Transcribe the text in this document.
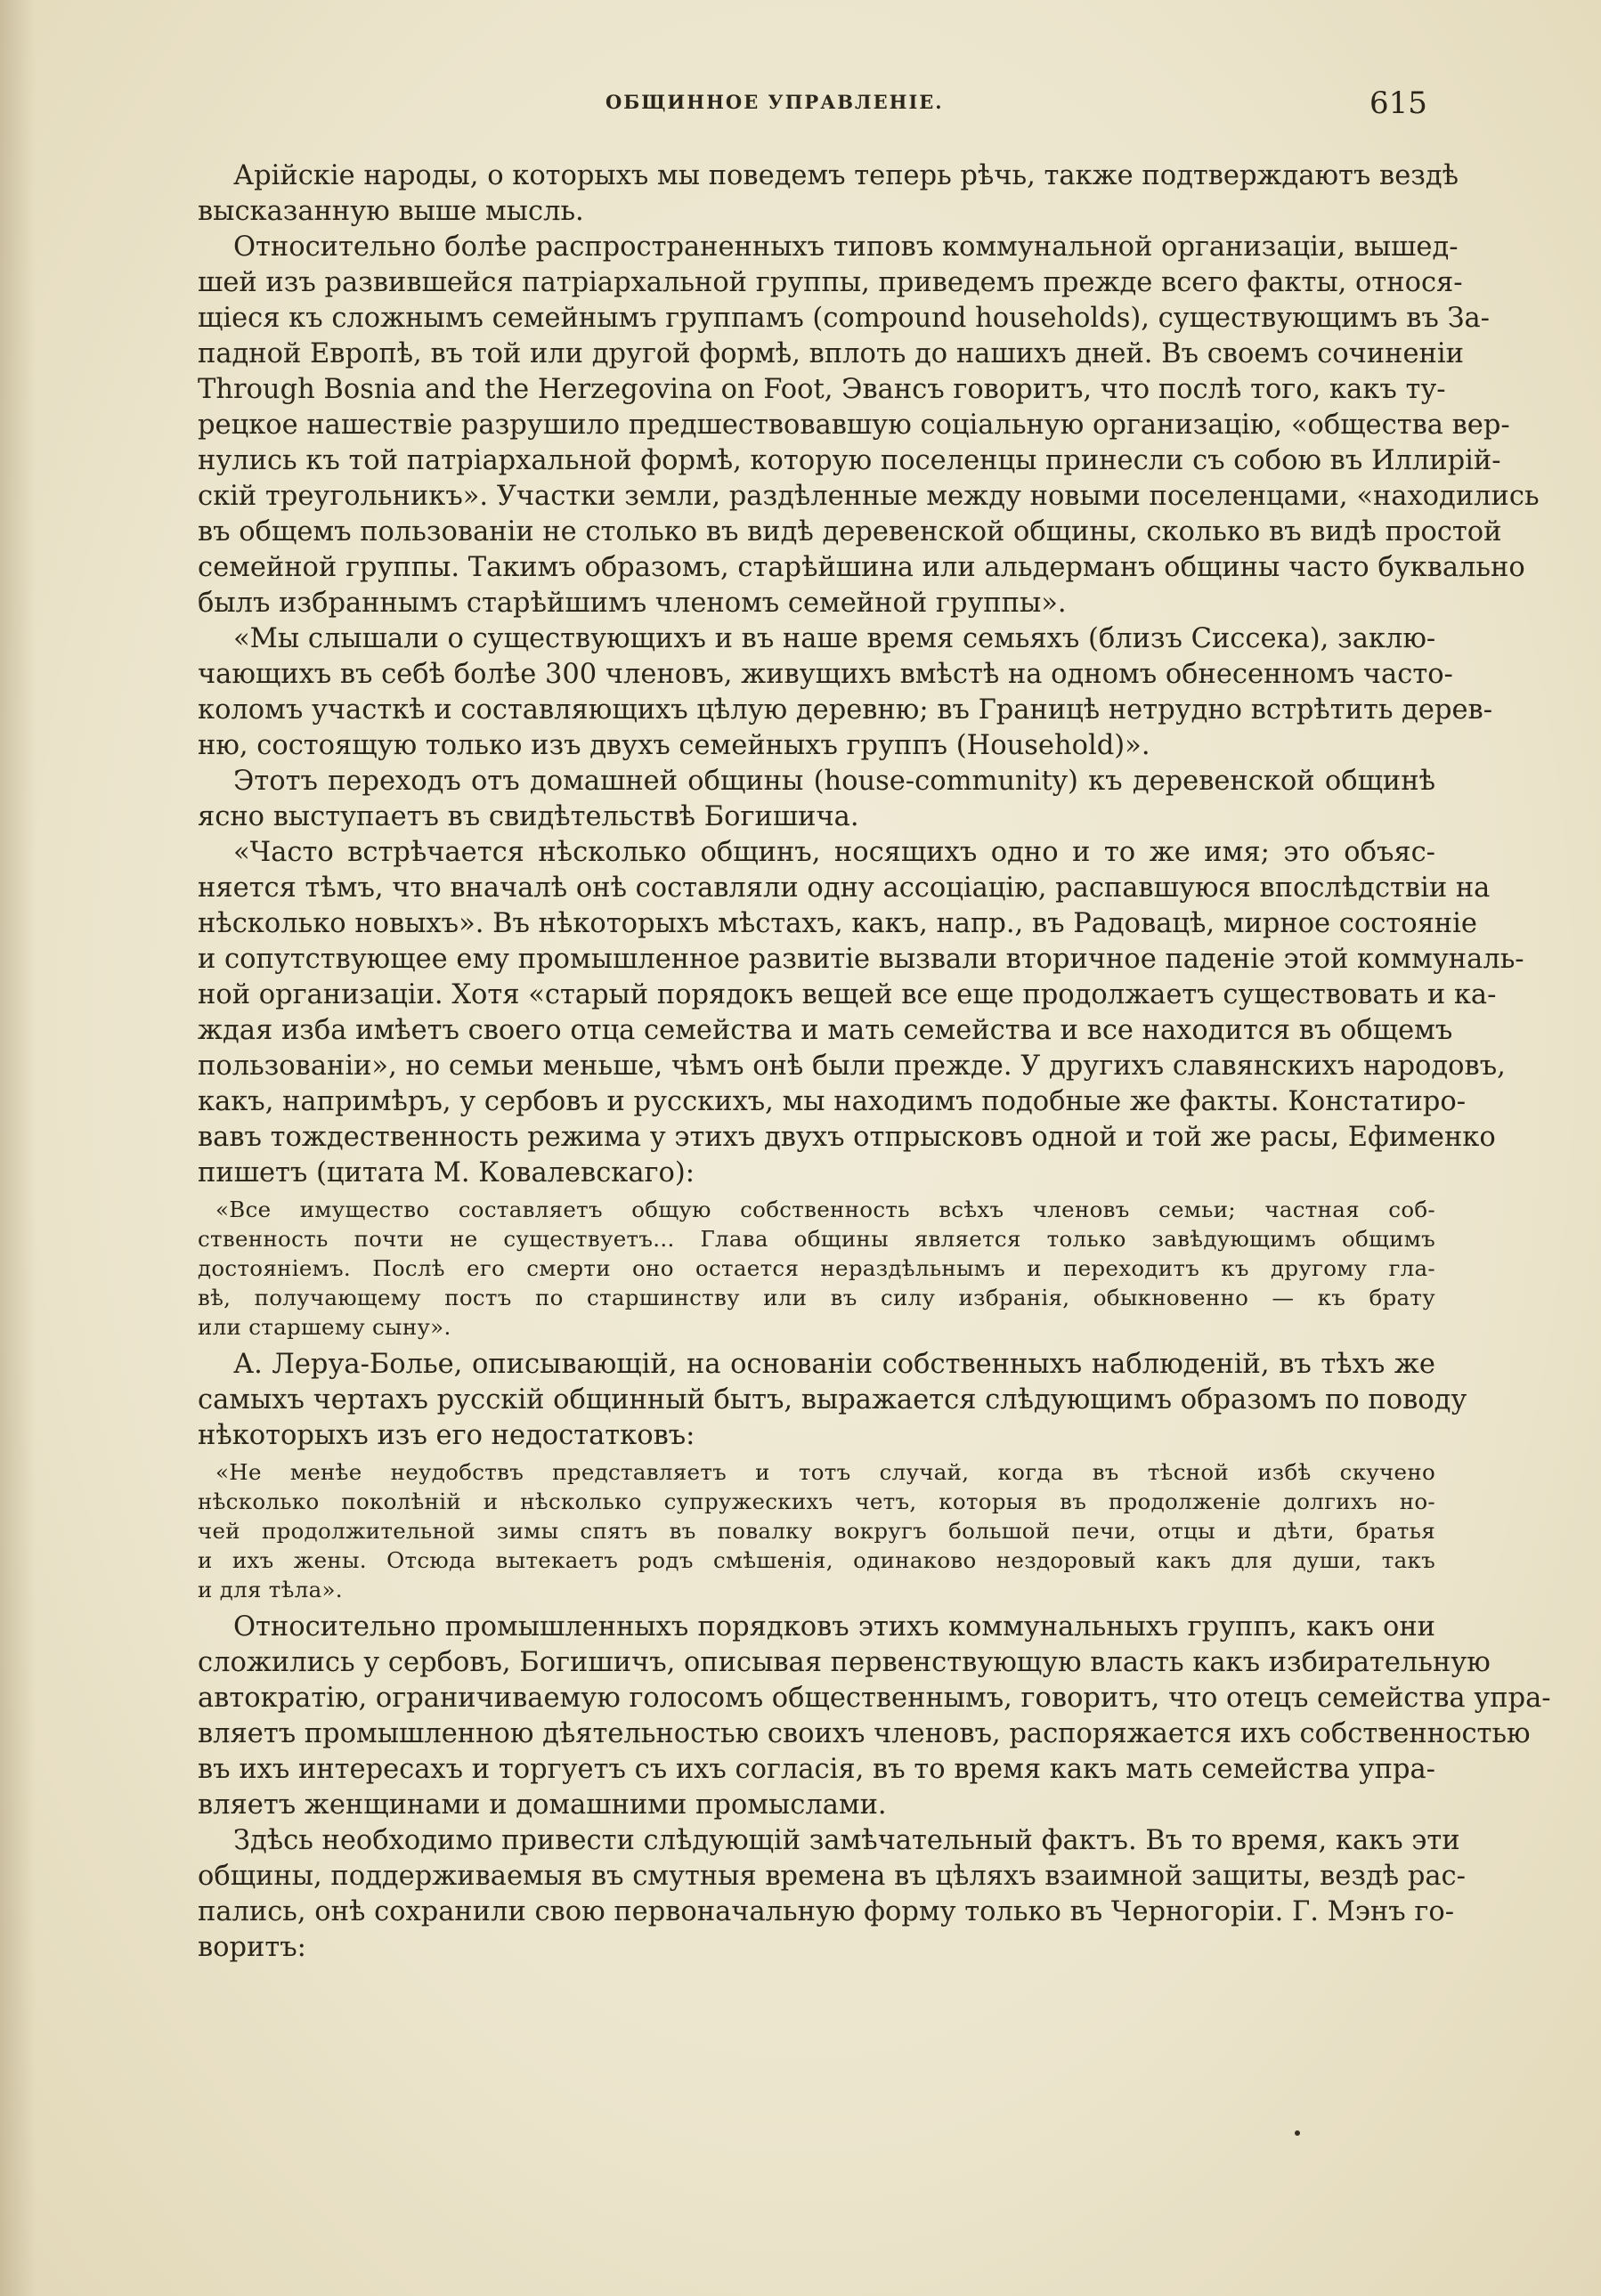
ОБЩИННОЕ УПРАВЛЕНІЕ.	615
Арійскіе народы, о которыхъ мы поведемъ теперь рѣчь, также подтверждаютъ вездѣ
высказанную выше мысль.
Относительно болѣе распространенныхъ типовъ коммунальной организаціи, вышед-
шей изъ развившейся патріархальной группы, приведемъ прежде всего факты, относя-
щіеся къ сложнымъ семейнымъ группамъ (compound households), существующимъ въ За-
падной Европѣ, въ той или другой формѣ, вплоть до нашихъ дней. Въ своемъ сочиненіи
Through Bosnia and the Herzegovina on Foot, Эвансъ говоритъ, что послѣ того, какъ ту-
рецкое нашествіе разрушило предшествовавшую соціальную организацію, «общества вер-
нулись къ той патріархальной формѣ, которую поселенцы принесли съ собою въ Иллирій-
скій треугольникъ». Участки земли, раздѣленные между новыми поселенцами, «находились
въ общемъ пользованіи не столько въ видѣ деревенской общины, сколько въ видѣ простой
семейной группы. Такимъ образомъ, старѣйшина или альдерманъ общины часто буквально
былъ избраннымъ старѣйшимъ членомъ семейной группы».
«Мы слышали о существующихъ и въ наше время семьяхъ (близъ Сиссека), заклю-
чающихъ въ себѣ болѣе 300 членовъ, живущихъ вмѣстѣ на одномъ обнесенномъ часто-
коломъ участкѣ и составляющихъ цѣлую деревню; въ Границѣ нетрудно встрѣтить дерев-
ню, состоящую только изъ двухъ семейныхъ группъ (Household)».
Этотъ переходъ отъ домашней общины (house-community) къ деревенской общинѣ
ясно выступаетъ въ свидѣтельствѣ Богишича.
«Часто встрѣчается нѣсколько общинъ, носящихъ одно и то же имя; это объяс-
няется тѣмъ, что вначалѣ онѣ составляли одну ассоціацію, распавшуюся впослѣдствіи на
нѣсколько новыхъ». Въ нѣкоторыхъ мѣстахъ, какъ, напр., въ Радовацѣ, мирное состояніе
и сопутствующее ему промышленное развитіе вызвали вторичное паденіе этой коммуналь-
ной организаціи. Хотя «старый порядокъ вещей все еще продолжаетъ существовать и ка-
ждая изба имѣетъ своего отца семейства и мать семейства и все находится въ общемъ
пользованіи», но семьи меньше, чѣмъ онѣ были прежде. У другихъ славянскихъ народовъ,
какъ, напримѣръ, у сербовъ и русскихъ, мы находимъ подобные же факты. Констатиро-
вавъ тождественность режима у этихъ двухъ отпрысковъ одной и той же расы, Ефименко
пишетъ (цитата М. Ковалевскаго):
«Все имущество составляетъ общую собственность всѣхъ членовъ семьи; частная соб-
ственность почти не существуетъ... Глава общины является только завѣдующимъ общимъ
достояніемъ. Послѣ его смерти оно остается нераздѣльнымъ и переходитъ къ другому гла-
вѣ, получающему постъ по старшинству или въ силу избранія, обыкновенно — къ брату
или старшему сыну».
А. Леруа-Болье, описывающій, на основаніи собственныхъ наблюденій, въ тѣхъ же
самыхъ чертахъ русскій общинный бытъ, выражается слѣдующимъ образомъ по поводу
нѣкоторыхъ изъ его недостатковъ:
«Не менѣе неудобствъ представляетъ и тотъ случай, когда въ тѣсной избѣ скучено
нѣсколько поколѣній и нѣсколько супружескихъ четъ, которыя въ продолженіе долгихъ но-
чей продолжительной зимы спятъ въ повалку вокругъ большой печи, отцы и дѣти, братья
и ихъ жены. Отсюда вытекаетъ родъ смѣшенія, одинаково нездоровый какъ для души, такъ
и для тѣла».
Относительно промышленныхъ порядковъ этихъ коммунальныхъ группъ, какъ они
сложились у сербовъ, Богишичъ, описывая первенствующую власть какъ избирательную
автократію, ограничиваемую голосомъ общественнымъ, говоритъ, что отецъ семейства упра-
вляетъ промышленною дѣятельностью своихъ членовъ, распоряжается ихъ собственностью
въ ихъ интересахъ и торгуетъ съ ихъ согласія, въ то время какъ мать семейства упра-
вляетъ женщинами и домашними промыслами.
Здѣсь необходимо привести слѣдующій замѣчательный фактъ. Въ то время, какъ эти
общины, поддерживаемыя въ смутныя времена въ цѣляхъ взаимной защиты, вездѣ рас-
пались, онѣ сохранили свою первоначальную форму только въ Черногоріи. Г. Мэнъ го-
воритъ:
